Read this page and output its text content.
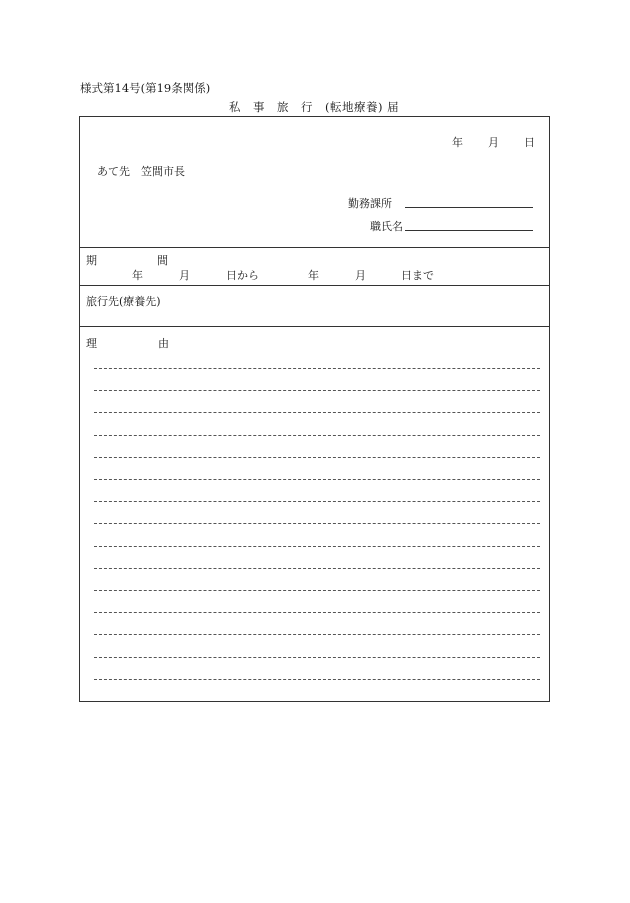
様式第14号(第19条関係)
私　事　旅　行　(転地療養) 届
年 月 日
あて先　笠間市長
勤務課所
職氏名
期	間
年	月	日から	年	月	日まで
旅行先(療養先)
理	由
